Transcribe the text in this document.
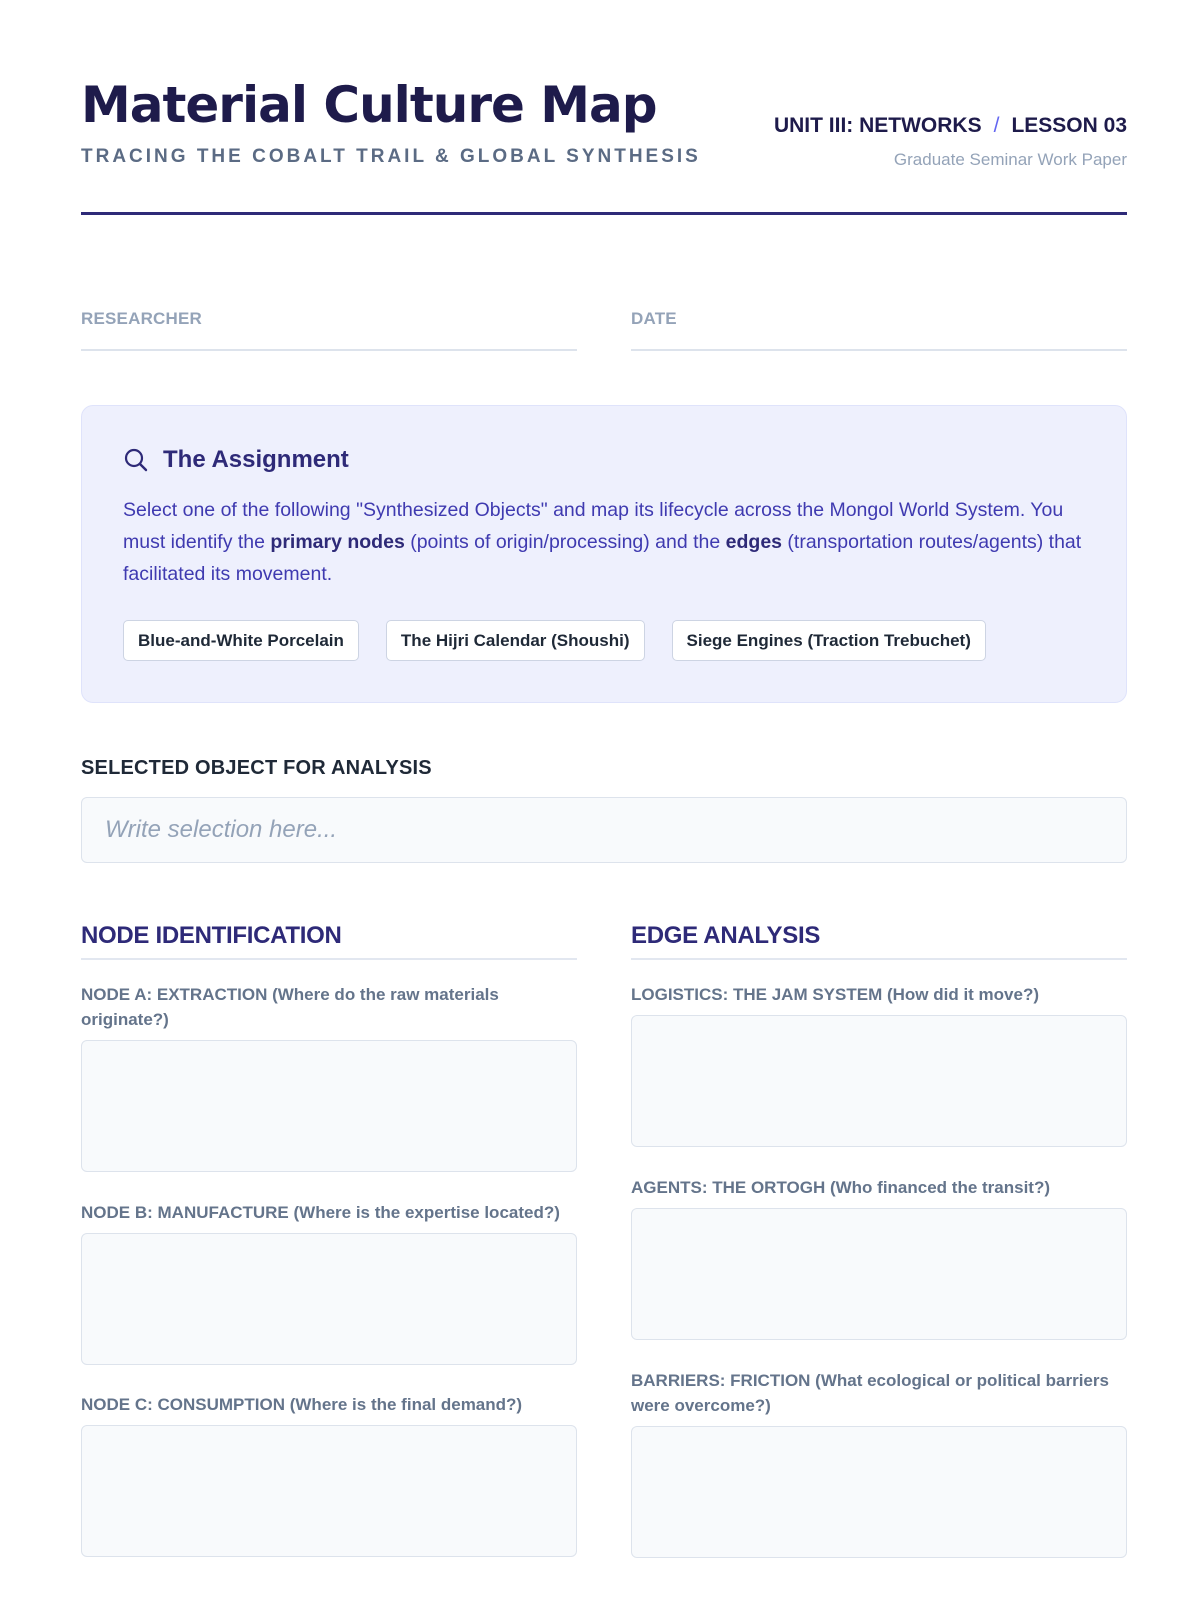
Material Culture Map
TRACING THE COBALT TRAIL & GLOBAL SYNTHESIS
UNIT III: NETWORKS / LESSON 03
Graduate Seminar Work Paper
RESEARCHER	DATE
The Assignment

Select one of the following "Synthesized Objects" and map its lifecycle across the Mongol World System. You must identify the primary nodes (points of origin/processing) and the edges (transportation routes/agents) that facilitated its movement.

Blue-and-White Porcelain	The Hijri Calendar (Shoushi)	Siege Engines (Traction Trebuchet)
SELECTED OBJECT FOR ANALYSIS
Write selection here...
NODE IDENTIFICATION
NODE A: EXTRACTION (Where do the raw materials originate?)
NODE B: MANUFACTURE (Where is the expertise located?)
NODE C: CONSUMPTION (Where is the final demand?)
EDGE ANALYSIS
LOGISTICS: THE JAM SYSTEM (How did it move?)
AGENTS: THE ORTOGH (Who financed the transit?)
BARRIERS: FRICTION (What ecological or political barriers were overcome?)
